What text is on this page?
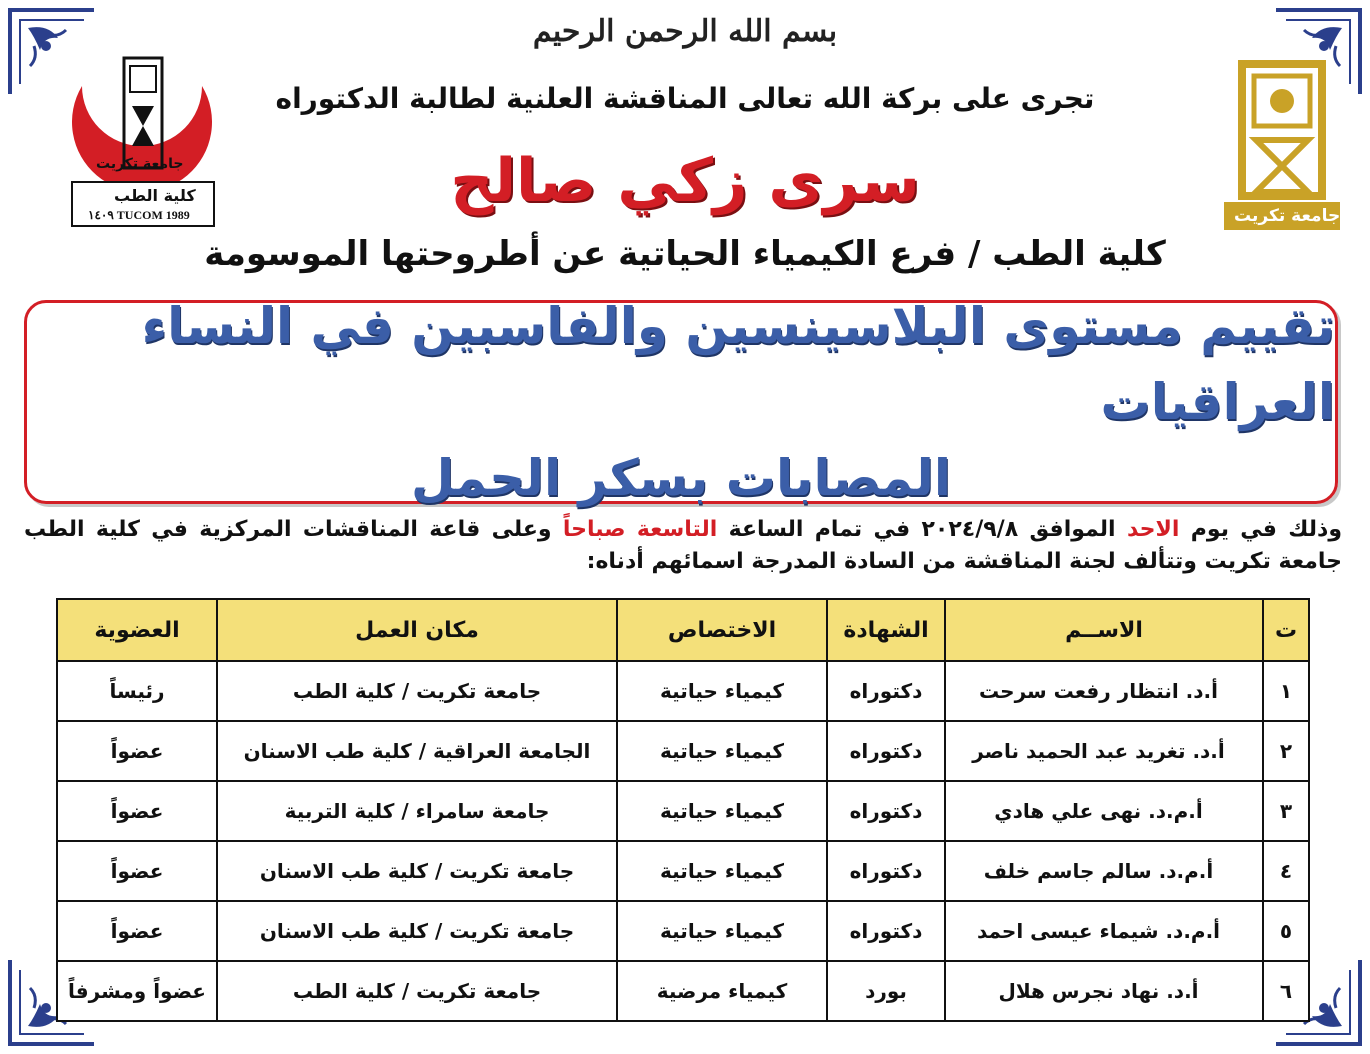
جامعة تكريت
كلية الطب
1989 TUCOM ١٤٠٩	جامعة تكريت
بسم الله الرحمن الرحيم
تجرى على بركة الله تعالى المناقشة العلنية لطالبة الدكتوراه
سرى زكي صالح
كلية الطب / فرع الكيمياء الحياتية عن أطروحتها الموسومة
تقييم مستوى البلاسينسين والفاسبين في النساء العراقيات
المصابات بسكر الحمل
وذلك في يوم الاحد الموافق ٢٠٢٤/٩/٨ في تمام الساعة التاسعة صباحاً وعلى قاعة المناقشات المركزية في كلية الطب جامعة تكريت وتتألف لجنة المناقشة من السادة المدرجة اسمائهم أدناه:
ت	الاســم	الشهادة	الاختصاص	مكان العمل	العضوية
١	أ.د. انتظار رفعت سرحت	دكتوراه	كيمياء حياتية	جامعة تكريت / كلية الطب	رئيساً
٢	أ.د. تغريد عبد الحميد ناصر	دكتوراه	كيمياء حياتية	الجامعة العراقية / كلية طب الاسنان	عضواً
٣	أ.م.د. نهى علي هادي	دكتوراه	كيمياء حياتية	جامعة سامراء / كلية التربية	عضواً
٤	أ.م.د. سالم جاسم خلف	دكتوراه	كيمياء حياتية	جامعة تكريت / كلية طب الاسنان	عضواً
٥	أ.م.د. شيماء عيسى احمد	دكتوراه	كيمياء حياتية	جامعة تكريت / كلية طب الاسنان	عضواً
٦	أ.د. نهاد نجرس هلال	بورد	كيمياء مرضية	جامعة تكريت / كلية الطب	عضواً ومشرفاً
